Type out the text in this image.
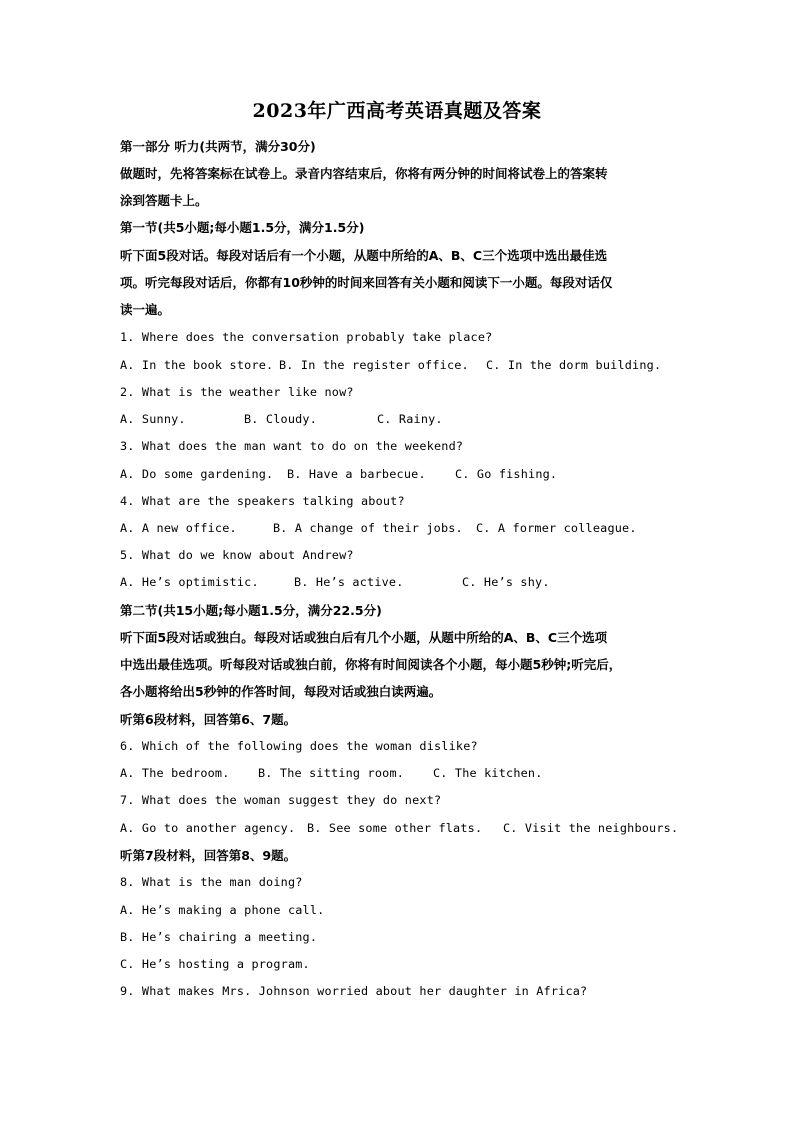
2023年广西高考英语真题及答案
第一部分 听力(共两节，满分30分)
做题时，先将答案标在试卷上。录音内容结束后，你将有两分钟的时间将试卷上的答案转
涂到答题卡上。
第一节(共5小题;每小题1.5分，满分1.5分)
听下面5段对话。每段对话后有一个小题，从题中所给的A、B、C三个选项中选出最佳选
项。听完每段对话后，你都有10秒钟的时间来回答有关小题和阅读下一小题。每段对话仅
读一遍。
1. Where does the conversation probably take place?
A. In the book store. B. In the register office.	C. In the dorm building.
2. What is the weather like now?
A. Sunny.	B. Cloudy.	C. Rainy.
3. What does the man want to do on the weekend?
A. Do some gardening.	B. Have a barbecue.	C. Go fishing.
4. What are the speakers talking about?
A. A new office.	B. A change of their jobs.	C. A former colleague.
5. What do we know about Andrew?
A. He’s optimistic.	B. He’s active.	C. He’s shy.
第二节(共15小题;每小题1.5分，满分22.5分)
听下面5段对话或独白。每段对话或独白后有几个小题，从题中所给的A、B、C三个选项
中选出最佳选项。听每段对话或独白前，你将有时间阅读各个小题，每小题5秒钟;听完后，
各小题将给出5秒钟的作答时间，每段对话或独白读两遍。
听第6段材料，回答第6、7题。
6. Which of the following does the woman dislike?
A. The bedroom.	B. The sitting room.	C. The kitchen.
7. What does the woman suggest they do next?
A. Go to another agency. B. See some other flats.	C. Visit the neighbours.
听第7段材料，回答第8、9题。
8. What is the man doing?
A. He’s making a phone call.
B. He’s chairing a meeting.
C. He’s hosting a program.
9. What makes Mrs. Johnson worried about her daughter in Africa?
